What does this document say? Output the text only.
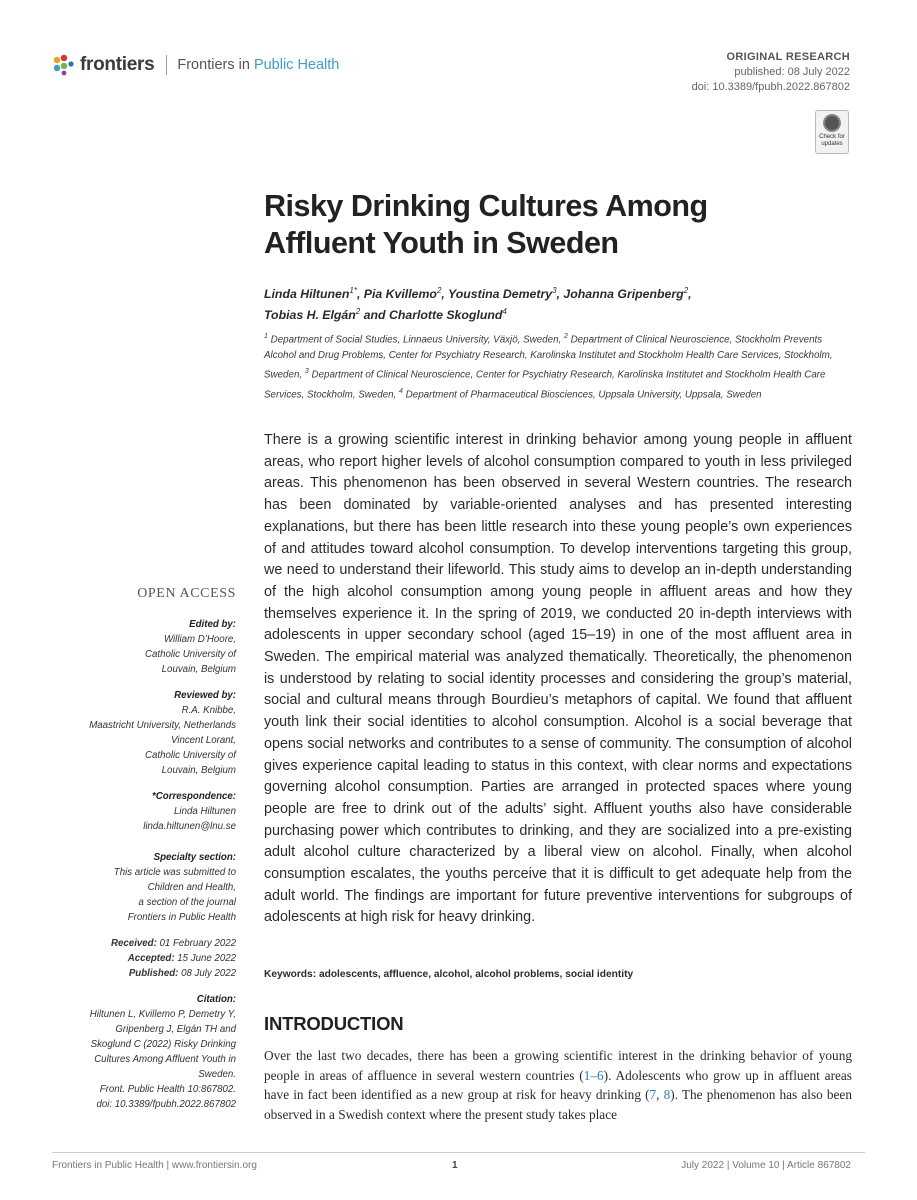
frontiers Frontiers in Public Health	ORIGINAL RESEARCH
published: 08 July 2022
doi: 10.3389/fpubh.2022.867802
Check for
updates
Risky Drinking Cultures Among
Affluent Youth in Sweden
Linda Hiltunen$^{1*}$, Pia Kvillemo$^2$, Youstina Demetry$^3$, Johanna Gripenberg$^2$,
Tobias H. Elgán$^2$ and Charlotte Skoglund$^4$
$^1$ Department of Social Studies, Linnaeus University, Växjö, Sweden, $^2$ Department of Clinical Neuroscience, Stockholm Prevents Alcohol and Drug Problems, Center for Psychiatry Research, Karolinska Institutet and Stockholm Health Care Services, Stockholm, Sweden, $^3$ Department of Clinical Neuroscience, Center for Psychiatry Research, Karolinska Institutet and Stockholm Health Care Services, Stockholm, Sweden, $^4$ Department of Pharmaceutical Biosciences, Uppsala University, Uppsala, Sweden

There is a growing scientific interest in drinking behavior among young people in affluent areas, who report higher levels of alcohol consumption compared to youth in less privileged areas. This phenomenon has been observed in several Western countries. The research has been dominated by variable-oriented analyses and has presented interesting explanations, but there has been little research into these young people’s own experiences of and attitudes toward alcohol consumption. To develop interventions targeting this group, we need to understand their lifeworld. This study aims to develop an in-depth understanding of the high alcohol consumption among young people in affluent areas and how they themselves experience it. In the spring of 2019, we conducted 20 in-depth interviews with adolescents in upper secondary school (aged 15–19) in one of the most affluent area in Sweden. The empirical material was analyzed thematically. Theoretically, the phenomenon is understood by relating to social identity processes and considering the group’s material, social and cultural means through Bourdieu’s metaphors of capital. We found that affluent youth link their social identities to alcohol consumption. Alcohol is a social beverage that opens social networks and contributes to a sense of community. The consumption of alcohol gives experience capital leading to status in this context, with clear norms and expectations governing alcohol consumption. Parties are arranged in protected spaces where young people are free to drink out of the adults’ sight. Affluent youths also have considerable purchasing power which contributes to drinking, and they are socialized into a pre-existing adult alcohol culture characterized by a liberal view on alcohol. Finally, when alcohol consumption escalates, the youths perceive that it is difficult to get adequate help from the adult world. The findings are important for future preventive interventions for subgroups of adolescents at high risk for heavy drinking.

Keywords: adolescents, affluence, alcohol, alcohol problems, social identity
INTRODUCTION

Over the last two decades, there has been a growing scientific interest in the drinking behavior of young people in areas of affluence in several western countries (1–6). Adolescents who grow up in affluent areas have in fact been identified as a new group at risk for heavy drinking (7, 8). The phenomenon has also been observed in a Swedish context where the present study takes place

OPEN ACCESS
Edited by:
William D’Hoore,
Catholic University of
Louvain, Belgium
Reviewed by:
R.A. Knibbe,
Maastricht University, Netherlands
Vincent Lorant,
Catholic University of
Louvain, Belgium
*Correspondence:
Linda Hiltunen
linda.hiltunen@lnu.se
Specialty section:
This article was submitted to
Children and Health,
a section of the journal
Frontiers in Public Health
Received: 01 February 2022
Accepted: 15 June 2022
Published: 08 July 2022
Citation:
Hiltunen L, Kvillemo P, Demetry Y,
Gripenberg J, Elgán TH and
Skoglund C (2022) Risky Drinking
Cultures Among Affluent Youth in
Sweden.
Front. Public Health 10:867802.
doi: 10.3389/fpubh.2022.867802
Frontiers in Public Health | www.frontiersin.org	1	July 2022 | Volume 10 | Article 867802
